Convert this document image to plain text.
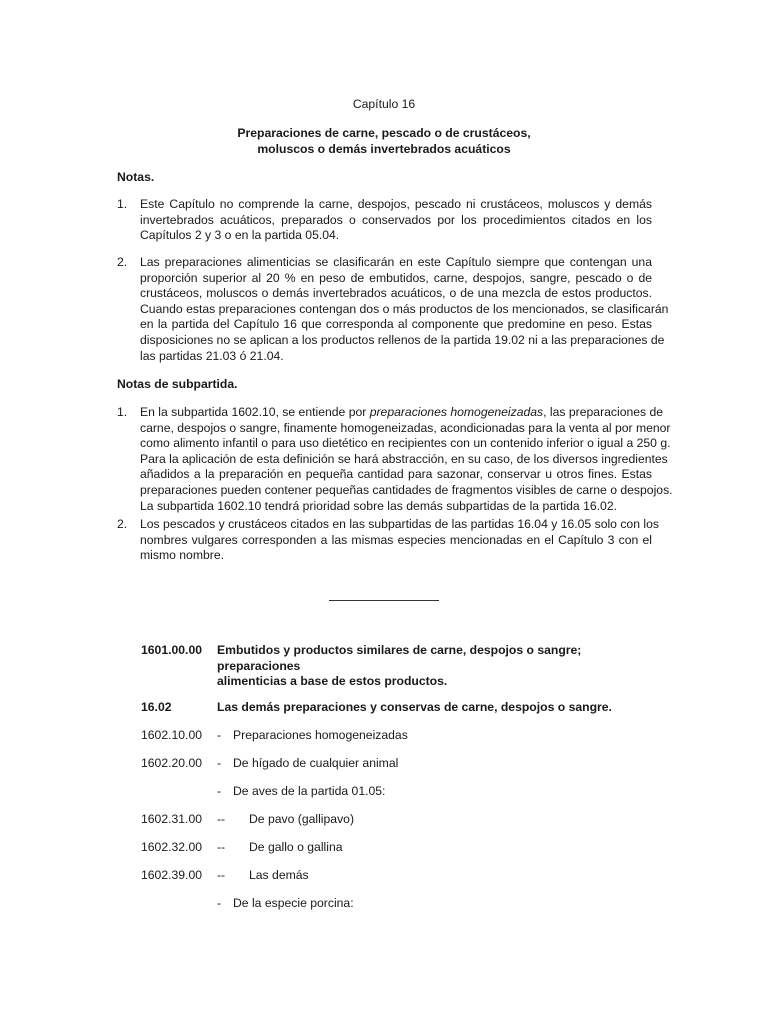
Capítulo 16
Preparaciones de carne, pescado o de crustáceos,
moluscos o demás invertebrados acuáticos
Notas.
1. Este Capítulo no comprende la carne, despojos, pescado ni crustáceos, moluscos y demás
invertebrados acuáticos, preparados o conservados por los procedimientos citados en los
Capítulos 2 y 3 o en la partida 05.04.
2. Las preparaciones alimenticias se clasificarán en este Capítulo siempre que contengan una
proporción superior al 20 % en peso de embutidos, carne, despojos, sangre, pescado o de
crustáceos, moluscos o demás invertebrados acuáticos, o de una mezcla de estos productos.
Cuando estas preparaciones contengan dos o más productos de los mencionados, se clasificarán
en la partida del Capítulo 16 que corresponda al componente que predomine en peso. Estas
disposiciones no se aplican a los productos rellenos de la partida 19.02 ni a las preparaciones de
las partidas 21.03 ó 21.04.
Notas de subpartida.
1. En la subpartida 1602.10, se entiende por preparaciones homogeneizadas, las preparaciones de
carne, despojos o sangre, finamente homogeneizadas, acondicionadas para la venta al por menor
como alimento infantil o para uso dietético en recipientes con un contenido inferior o igual a 250 g.
Para la aplicación de esta definición se hará abstracción, en su caso, de los diversos ingredientes
añadidos a la preparación en pequeña cantidad para sazonar, conservar u otros fines. Estas
preparaciones pueden contener pequeñas cantidades de fragmentos visibles de carne o despojos.
La subpartida 1602.10 tendrá prioridad sobre las demás subpartidas de la partida 16.02.
2. Los pescados y crustáceos citados en las subpartidas de las partidas 16.04 y 16.05 solo con los
nombres vulgares corresponden a las mismas especies mencionadas en el Capítulo 3 con el
mismo nombre.
1601.00.00 Embutidos y productos similares de carne, despojos o sangre; preparaciones
alimenticias a base de estos productos.
16.02	Las demás preparaciones y conservas de carne, despojos o sangre.
1602.10.00 - Preparaciones homogeneizadas
1602.20.00 - De hígado de cualquier animal
- De aves de la partida 01.05:
1602.31.00 -- De pavo (gallipavo)
1602.32.00 -- De gallo o gallina
1602.39.00 -- Las demás
- De la especie porcina:
